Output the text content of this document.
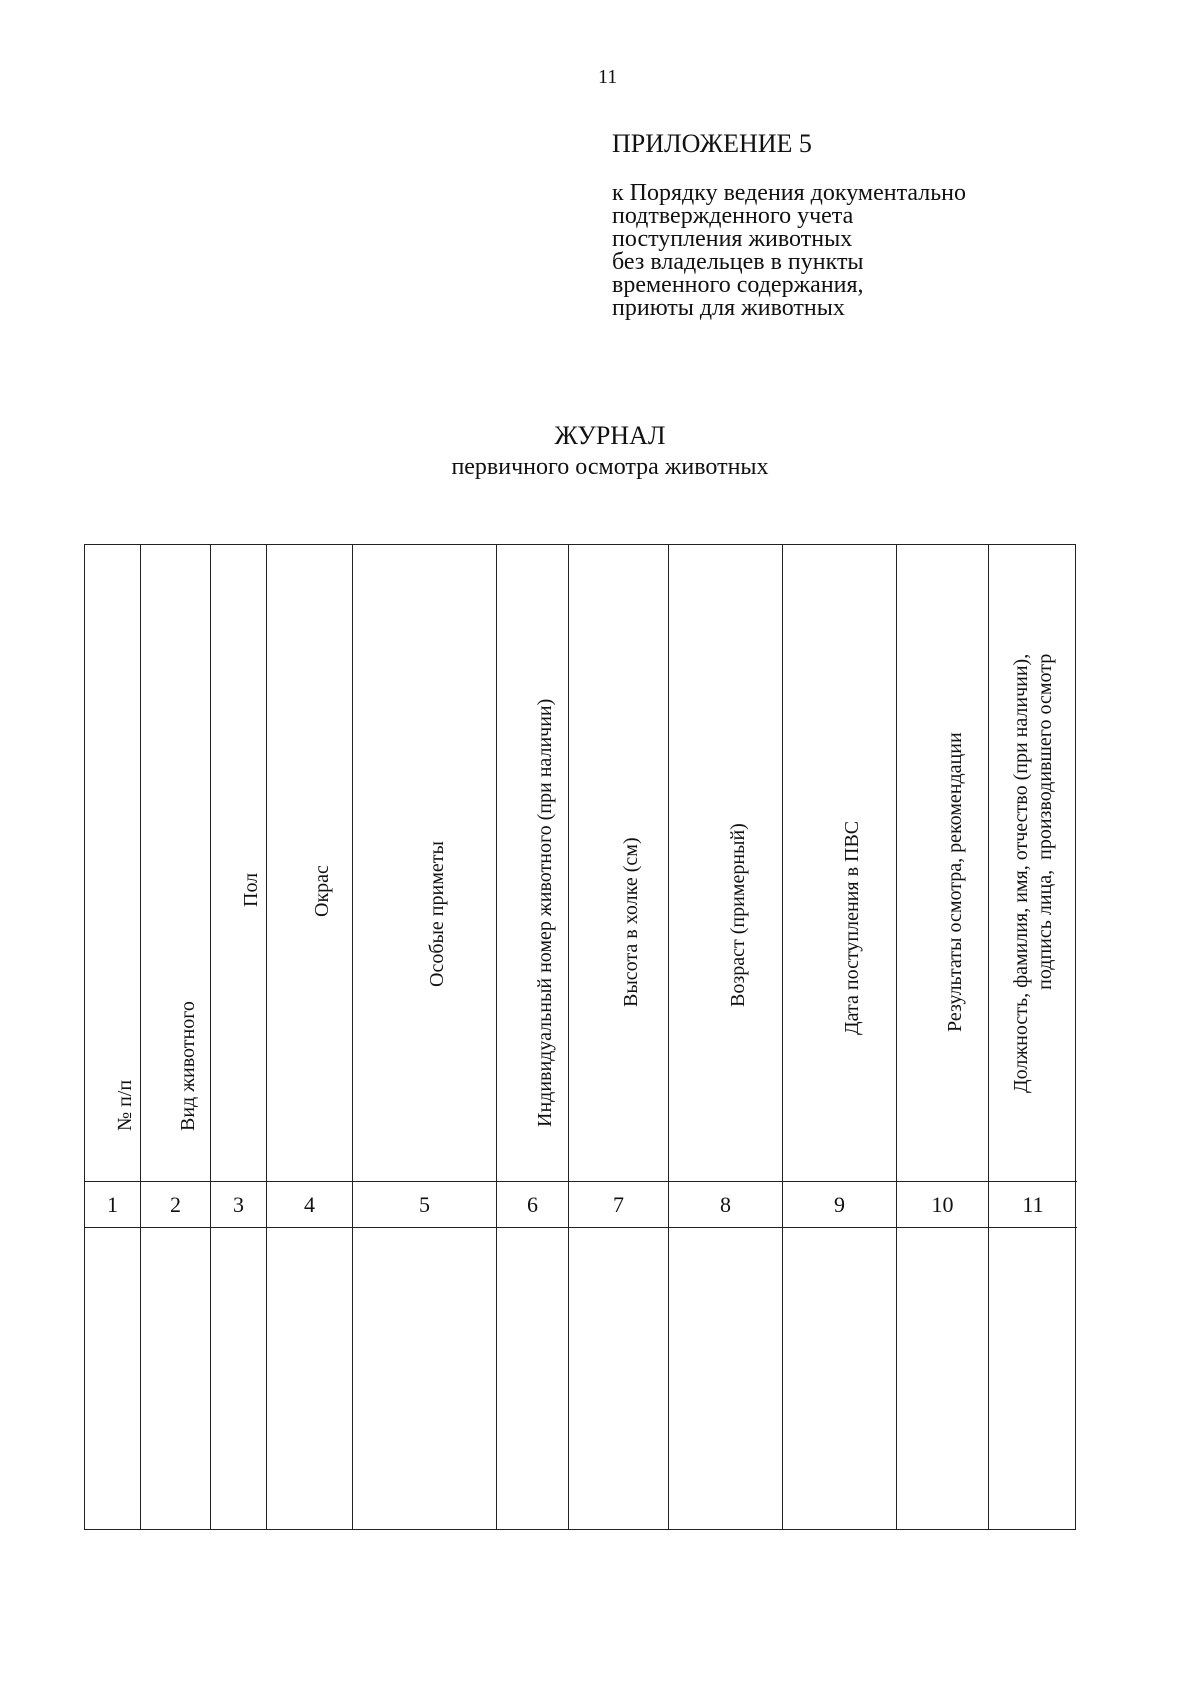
11
ПРИЛОЖЕНИЕ 5

к Порядку ведения документально
подтвержденного учета
поступления животных
без владельцев в пункты
временного содержания,
приюты для животных

ЖУРНАЛ

первичного осмотра животных

№ п/п
1
Вид животного
2
Пол
3
Окрас
4
Особые приметы
5
Индивидуальный номер животного (при наличии)
6
Высота в холке (см)
7
Возраст (примерный)
8
Дата поступления в ПВС
9
Результаты осмотра, рекомендации
10
Должность, фамилия, имя, отчество (при наличии),
подпись лица,  производившего осмотр
11
